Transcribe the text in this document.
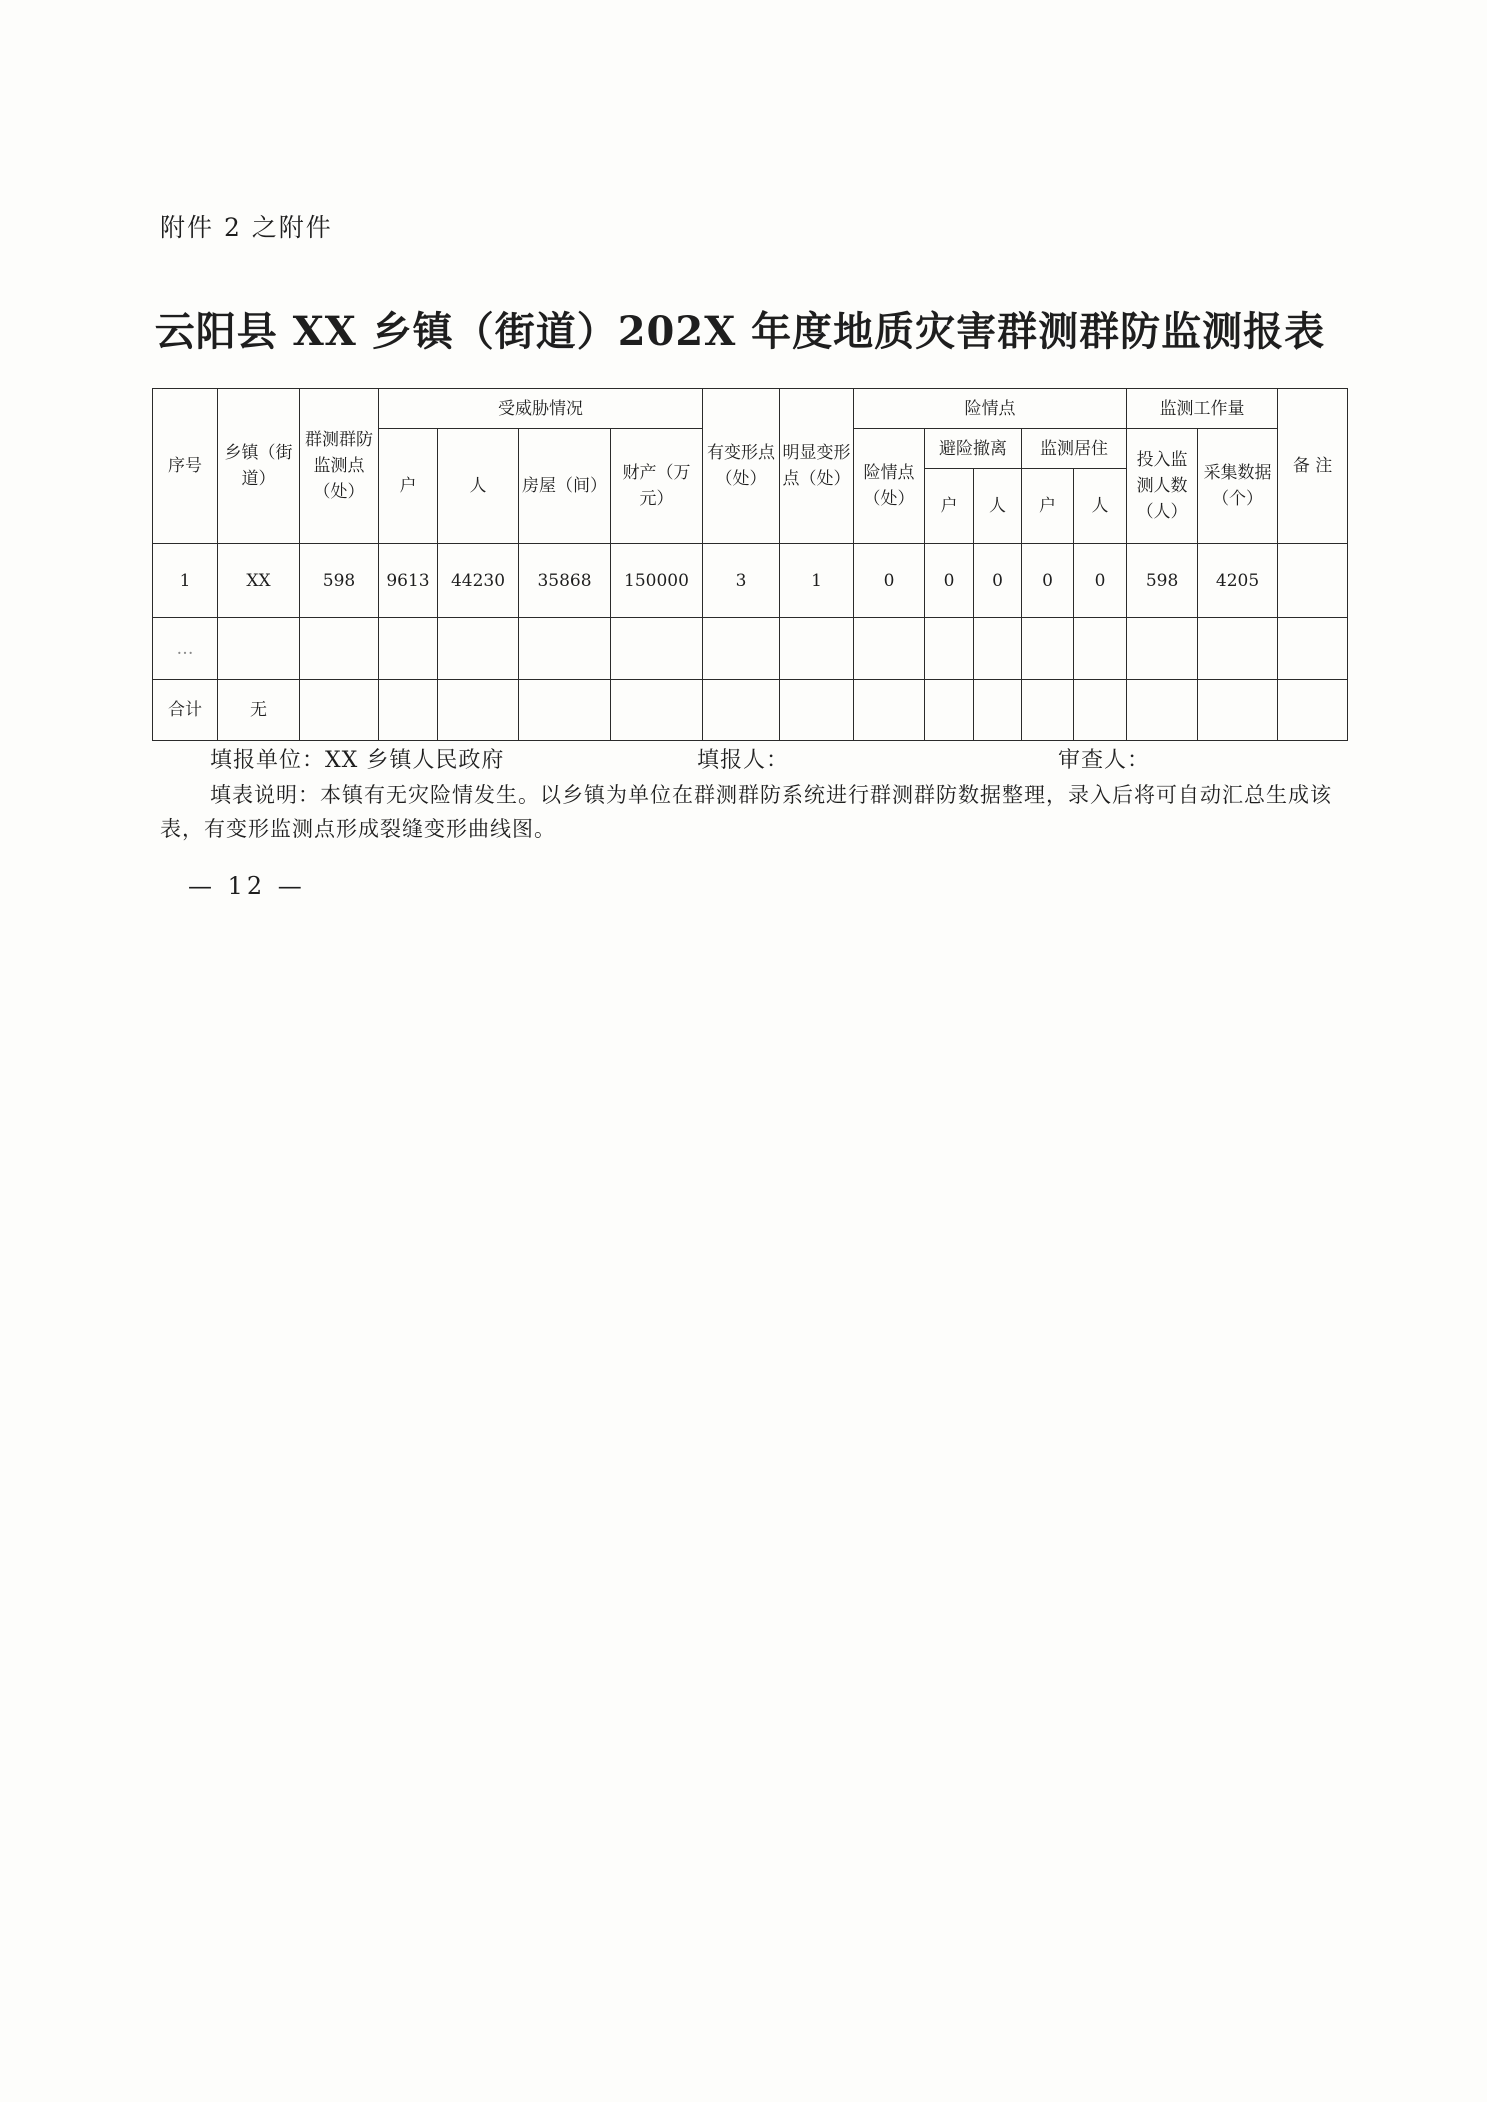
附件 2 之附件
云阳县 XX 乡镇（街道）202X 年度地质灾害群测群防监测报表
序号	乡镇（街道）	群测群防监测点（处）	受威胁情况				有变形点（处）	明显变形点（处）	险情点					监测工作量		备 注
			户	人	房屋（间）	财产（万元）			险情点（处）	避险撤离		监测居住		投入监测人数（人）	采集数据（个）	
										户	人	户	人			
1	XX	598	9613	44230	35868	150000	3	1	0	0	0	0	0	598	4205	
…																
合计	无															
填报单位：XX 乡镇人民政府	填报人：	审查人：
填表说明：本镇有无灾险情发生。以乡镇为单位在群测群防系统进行群测群防数据整理，录入后将可自动汇总生成该表，有变形监测点形成裂缝变形曲线图。
— 12 —
